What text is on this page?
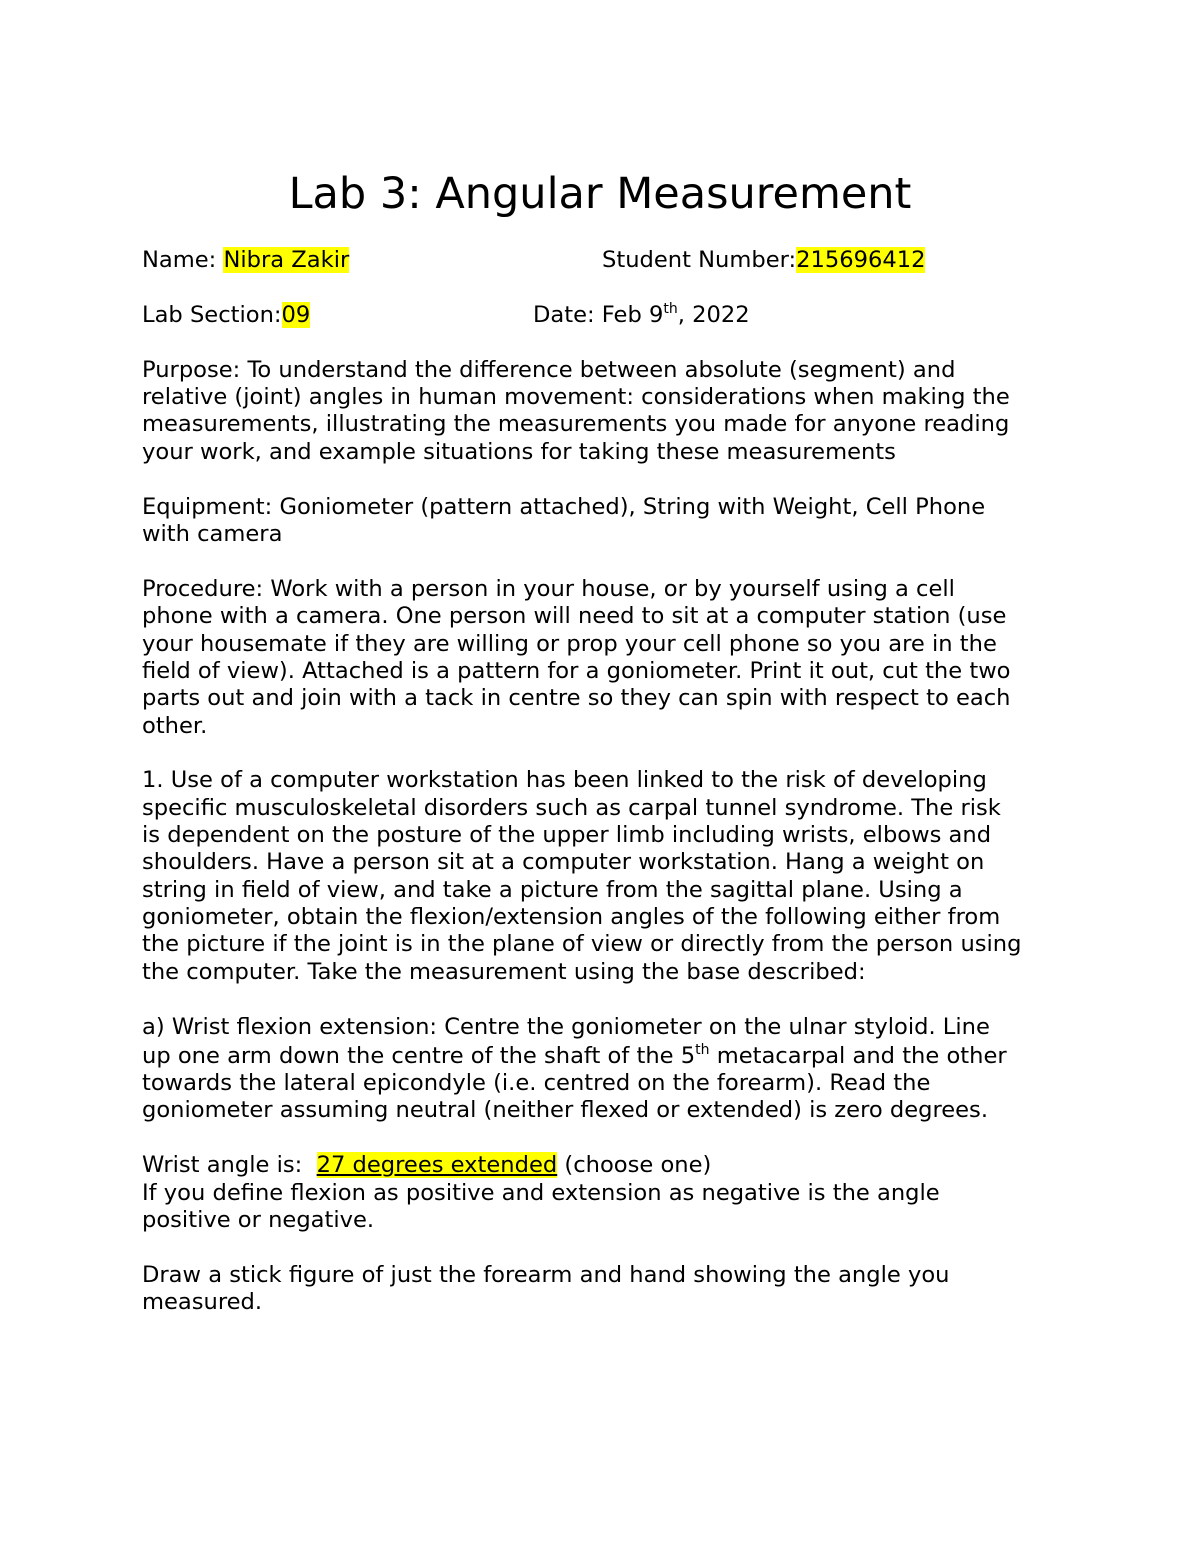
Lab 3: Angular Measurement
Name: Nibra Zakir	Student Number:215696412
Lab Section:09	Date: Feb 9th, 2022
Purpose: To understand the difference between absolute (segment) and
relative (joint) angles in human movement: considerations when making the
measurements, illustrating the measurements you made for anyone reading
your work, and example situations for taking these measurements
Equipment: Goniometer (pattern attached), String with Weight, Cell Phone
with camera
Procedure: Work with a person in your house, or by yourself using a cell
phone with a camera. One person will need to sit at a computer station (use
your housemate if they are willing or prop your cell phone so you are in the
field of view). Attached is a pattern for a goniometer. Print it out, cut the two
parts out and join with a tack in centre so they can spin with respect to each
other.
1. Use of a computer workstation has been linked to the risk of developing
specific musculoskeletal disorders such as carpal tunnel syndrome. The risk
is dependent on the posture of the upper limb including wrists, elbows and
shoulders. Have a person sit at a computer workstation. Hang a weight on
string in field of view, and take a picture from the sagittal plane. Using a
goniometer, obtain the flexion/extension angles of the following either from
the picture if the joint is in the plane of view or directly from the person using
the computer. Take the measurement using the base described:
a) Wrist flexion extension: Centre the goniometer on the ulnar styloid. Line
up one arm down the centre of the shaft of the 5th metacarpal and the other
towards the lateral epicondyle (i.e. centred on the forearm). Read the
goniometer assuming neutral (neither flexed or extended) is zero degrees.
Wrist angle is:  27 degrees extended (choose one)
If you define flexion as positive and extension as negative is the angle
positive or negative.
Draw a stick figure of just the forearm and hand showing the angle you
measured.
